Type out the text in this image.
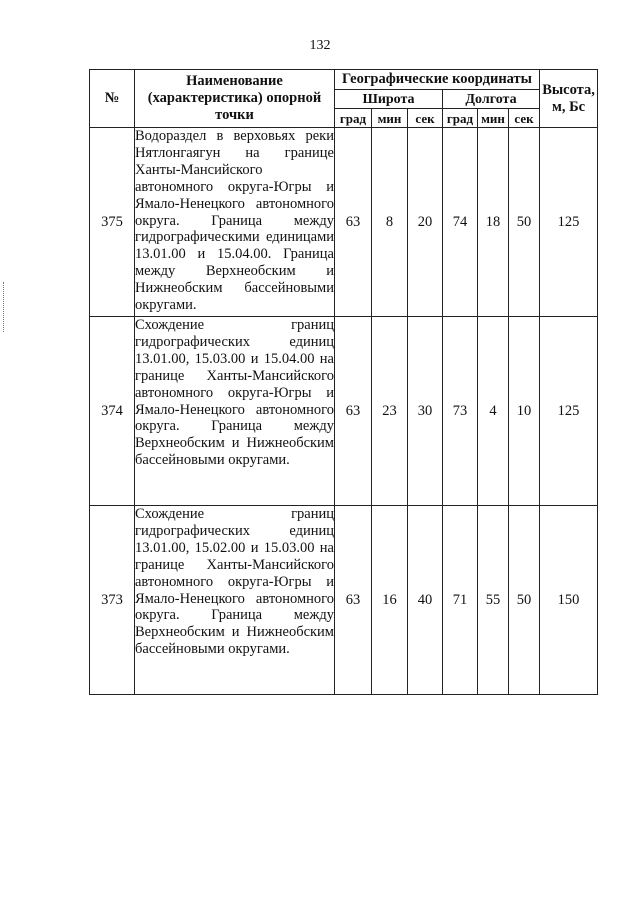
132
№	Наименование (характеристика) опорной точки	Географические координаты						Высота, м, Бс
		Широта			Долгота			
		град	мин	сек	град	мин	сек	
375	Водораздел в верховьях реки Нятлонгаягун на границе Ханты-Мансийского автономного округа-Югры и Ямало-Ненецкого автономного округа. Граница между гидрографическими единицами 13.01.00 и 15.04.00. Граница между Верхнеобским и Нижнеобским бассейновыми округами.	63	8	20	74	18	50	125
374	Схождение границ гидрографических единиц 13.01.00, 15.03.00 и 15.04.00 на границе Ханты-Мансийского автономного округа-Югры и Ямало-Ненецкого автономного округа. Граница между Верхнеобским и Нижнеобским бассейновыми округами.	63	23	30	73	4	10	125
373	Схождение границ гидрографических единиц 13.01.00, 15.02.00 и 15.03.00 на границе Ханты-Мансийского автономного округа-Югры и Ямало-Ненецкого автономного округа. Граница между Верхнеобским и Нижнеобским бассейновыми округами.	63	16	40	71	55	50	150
